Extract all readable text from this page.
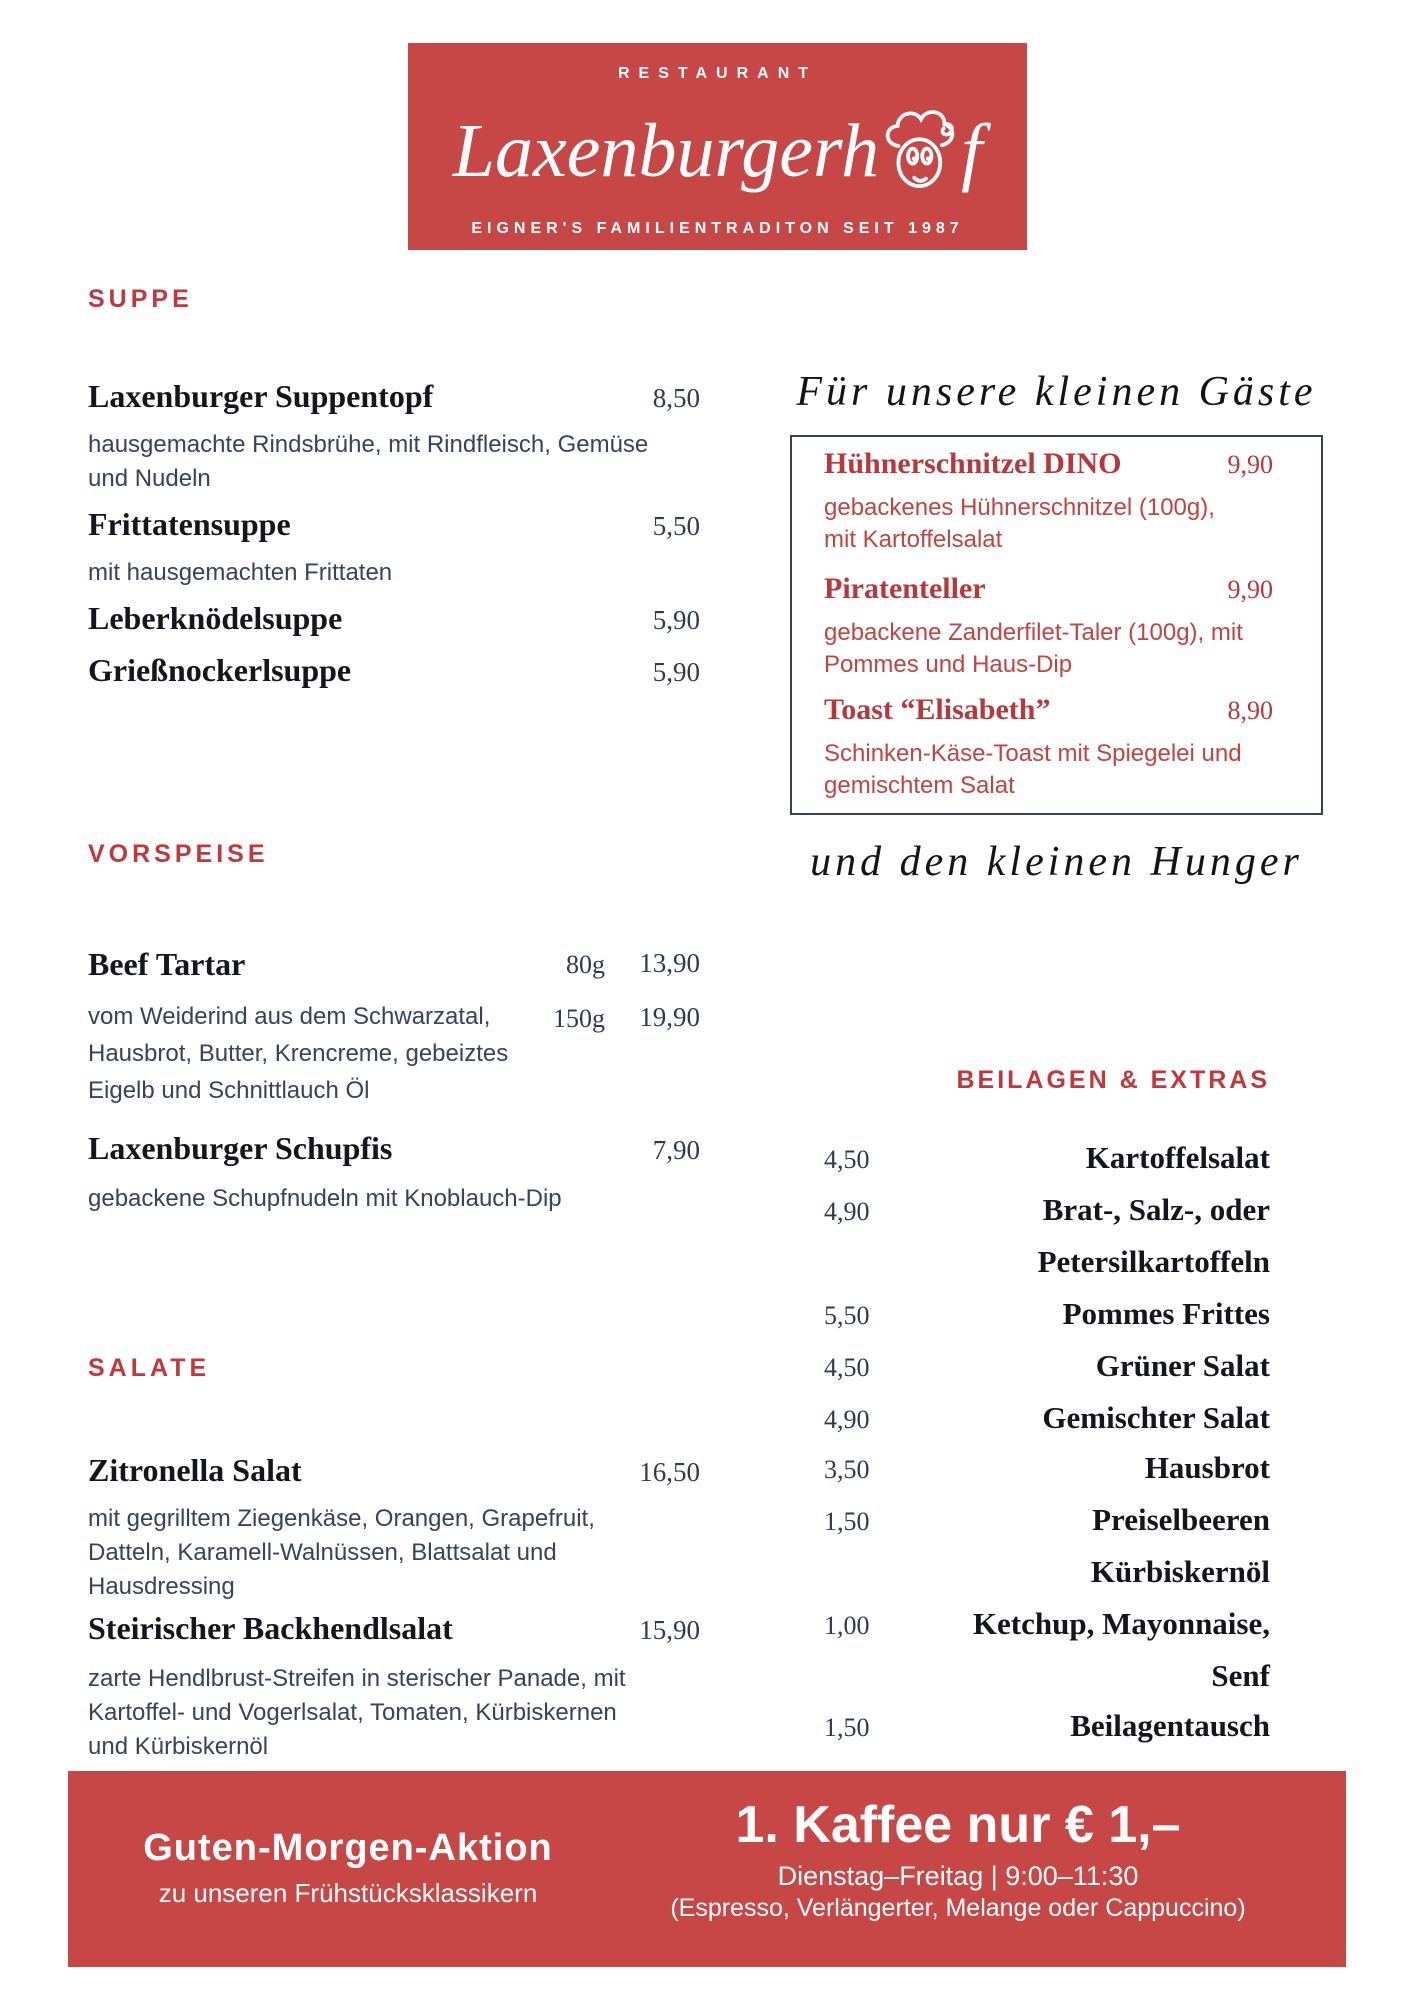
RESTAURANT
Laxenburgerh f
EIGNER'S FAMILIENTRADITON SEIT 1987
SUPPE
Laxenburger Suppentopf	8,50
hausgemachte Rindsbrühe, mit Rindfleisch, Gemüse
und Nudeln
Frittatensuppe	5,50
mit hausgemachten Frittaten
Leberknödelsuppe	5,90
Grießnockerlsuppe	5,90
Für unsere kleinen Gäste
Hühnerschnitzel DINO	9,90
gebackenes Hühnerschnitzel (100g),
mit Kartoffelsalat
Piratenteller	9,90
gebackene Zanderfilet-Taler (100g), mit
Pommes und Haus-Dip
Toast “Elisabeth”	8,90
Schinken-Käse-Toast mit Spiegelei und
gemischtem Salat
und den kleinen Hunger
VORSPEISE
Beef Tartar	80g 13,90
150g 19,90
vom Weiderind aus dem Schwarzatal,
Hausbrot, Butter, Krencreme, gebeiztes
Eigelb und Schnittlauch Öl
Laxenburger Schupfis	7,90
gebackene Schupfnudeln mit Knoblauch-Dip
BEILAGEN & EXTRAS
4,50	Kartoffelsalat
4,90	Brat-, Salz-, oder
Petersilkartoffeln
5,50	Pommes Frittes
4,50	Grüner Salat
4,90	Gemischter Salat
3,50	Hausbrot
1,50	Preiselbeeren
Kürbiskernöl
1,00	Ketchup, Mayonnaise,
Senf
1,50	Beilagentausch
SALATE
Zitronella Salat	16,50
mit gegrilltem Ziegenkäse, Orangen, Grapefruit,
Datteln, Karamell-Walnüssen, Blattsalat und
Hausdressing
Steirischer Backhendlsalat	15,90
zarte Hendlbrust-Streifen in sterischer Panade, mit
Kartoffel- und Vogerlsalat, Tomaten, Kürbiskernen
und Kürbiskernöl
Guten-Morgen-Aktion
zu unseren Frühstücksklassikern
1. Kaffee nur € 1,–
Dienstag–Freitag | 9:00–11:30
(Espresso, Verlängerter, Melange oder Cappuccino)
